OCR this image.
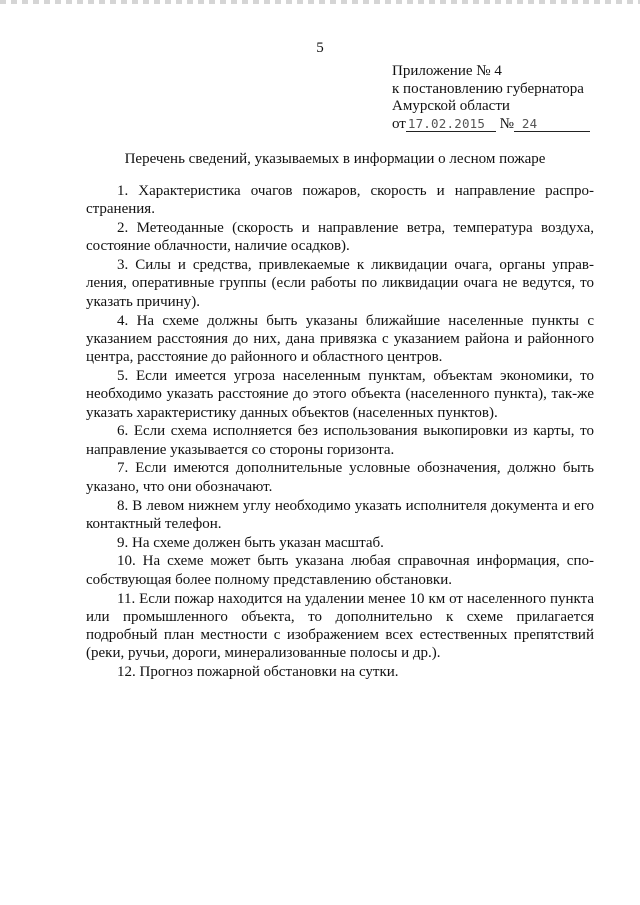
5
Приложение № 4
к постановлению губернатора
Амурской области
от 17.02.2015 № 24
Перечень сведений, указываемых в информации о лесном пожаре

1. Характеристика очагов пожаров, скорость и направление распро-странения.

2. Метеоданные (скорость и направление ветра, температура воздуха, состояние облачности, наличие осадков).

3. Силы и средства, привлекаемые к ликвидации очага, органы управ-ления, оперативные группы (если работы по ликвидации очага не ведутся, то указать причину).

4. На схеме должны быть указаны ближайшие населенные пункты с указанием расстояния до них, дана привязка с указанием района и районного центра, расстояние до районного и областного центров.

5. Если имеется угроза населенным пунктам, объектам экономики, то необходимо указать расстояние до этого объекта (населенного пункта), так-же указать характеристику данных объектов (населенных пунктов).

6. Если схема исполняется без использования выкопировки из карты, то направление указывается со стороны горизонта.

7. Если имеются дополнительные условные обозначения, должно быть указано, что они обозначают.

8. В левом нижнем углу необходимо указать исполнителя документа и его контактный телефон.

9. На схеме должен быть указан масштаб.

10. На схеме может быть указана любая справочная информация, спо-собствующая более полному представлению обстановки.

11. Если пожар находится на удалении менее 10 км от населенного пункта или промышленного объекта, то дополнительно к схеме прилагается подробный план местности с изображением всех естественных препятствий (реки, ручьи, дороги, минерализованные полосы и др.).

12. Прогноз пожарной обстановки на сутки.
